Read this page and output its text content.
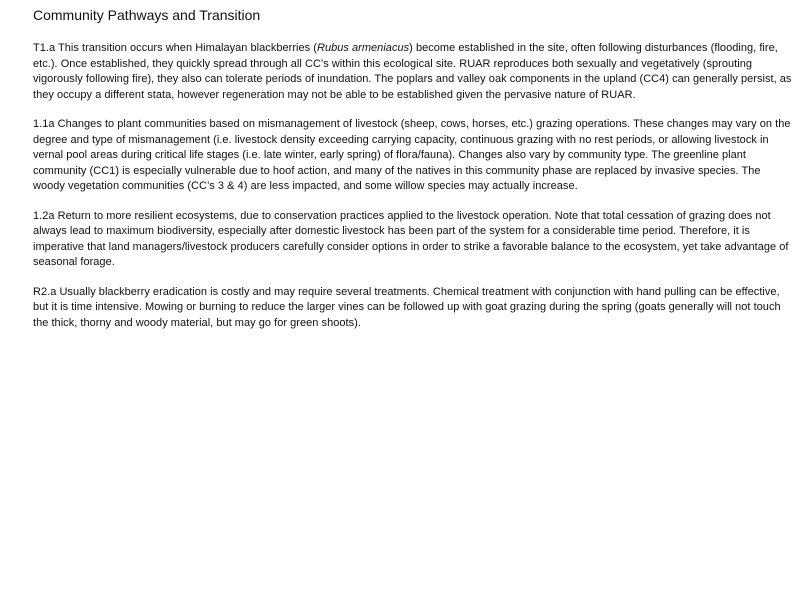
Community Pathways and Transition

T1.a This transition occurs when Himalayan blackberries (Rubus armeniacus) become established in the site, often following disturbances (flooding, fire, etc.). Once established, they quickly spread through all CC’s within this ecological site. RUAR reproduces both sexually and vegetatively (sprouting vigorously following fire), they also can tolerate periods of inundation. The poplars and valley oak components in the upland (CC4) can generally persist, as they occupy a different stata, however regeneration may not be able to be established given the pervasive nature of RUAR.

1.1a Changes to plant communities based on mismanagement of livestock (sheep, cows, horses, etc.) grazing operations. These changes may vary on the degree and type of mismanagement (i.e. livestock density exceeding carrying capacity, continuous grazing with no rest periods, or allowing livestock in vernal pool areas during critical life stages (i.e. late winter, early spring) of flora/fauna). Changes also vary by community type. The greenline plant community (CC1) is especially vulnerable due to hoof action, and many of the natives in this community phase are replaced by invasive species. The woody vegetation communities (CC’s 3 & 4) are less impacted, and some willow species may actually increase.

1.2a Return to more resilient ecosystems, due to conservation practices applied to the livestock operation. Note that total cessation of grazing does not always lead to maximum biodiversity, especially after domestic livestock has been part of the system for a considerable time period. Therefore, it is imperative that land managers/livestock producers carefully consider options in order to strike a favorable balance to the ecosystem, yet take advantage of seasonal forage.

R2.a Usually blackberry eradication is costly and may require several treatments. Chemical treatment with conjunction with hand pulling can be effective, but it is time intensive. Mowing or burning to reduce the larger vines can be followed up with goat grazing during the spring (goats generally will not touch the thick, thorny and woody material, but may go for green shoots).
